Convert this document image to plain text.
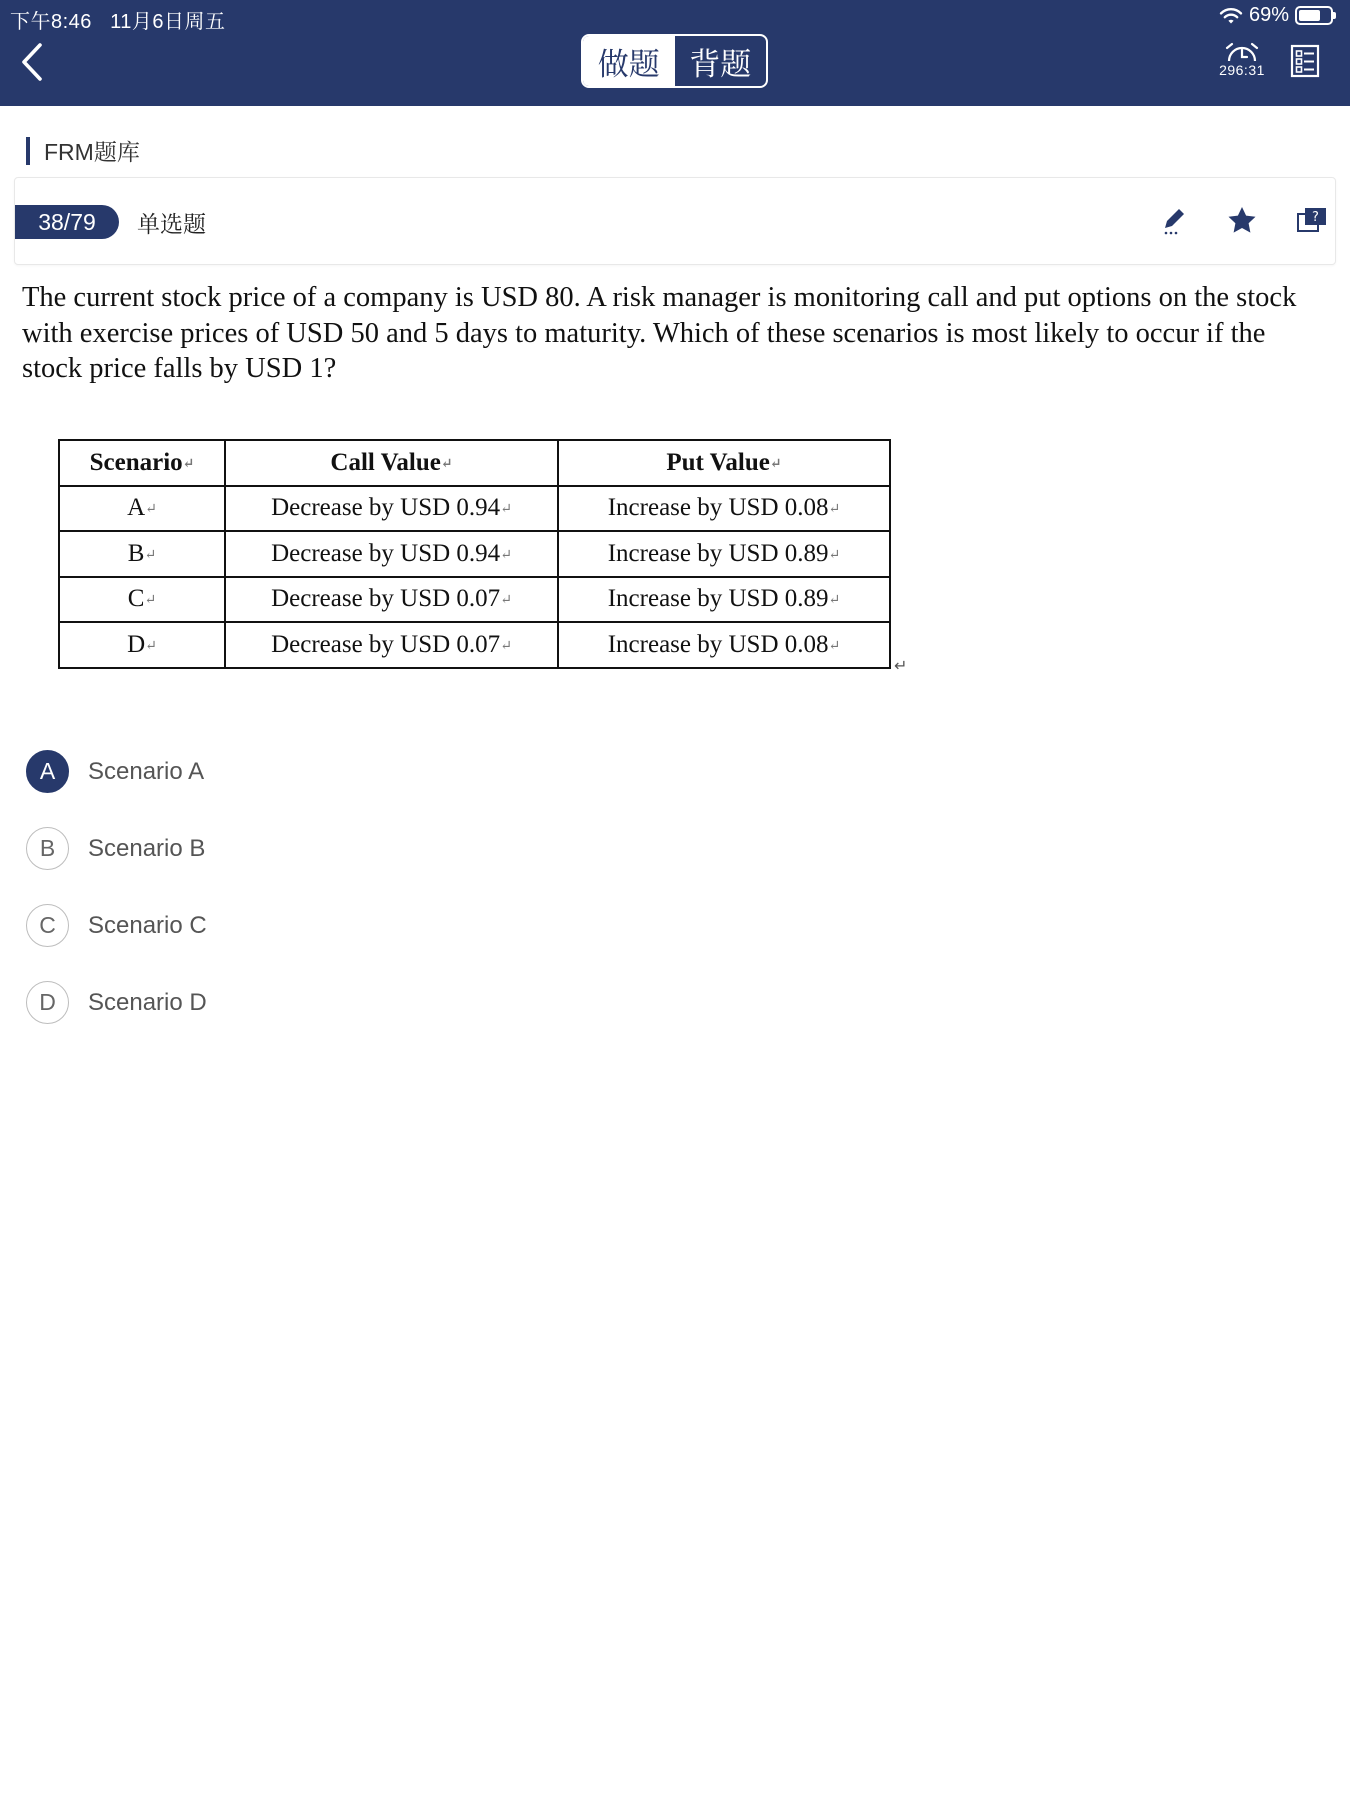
下午8:46 11月6日周五	69%
做题 背题	296:31
FRM题库
38/79	单选题	?
The current stock price of a company is USD 80. A risk manager is monitoring call and put options on the stock with exercise prices of USD 50 and 5 days to maturity. Which of these scenarios is most likely to occur if the stock price falls by USD 1?
Scenario↵	Call Value↵	Put Value↵
A↵	Decrease by USD 0.94↵	Increase by USD 0.08↵
B↵	Decrease by USD 0.94↵	Increase by USD 0.89↵
C↵	Decrease by USD 0.07↵	Increase by USD 0.89↵
D↵	Decrease by USD 0.07↵	Increase by USD 0.08↵
↵
A	Scenario A
B	Scenario B
C	Scenario C
D	Scenario D
